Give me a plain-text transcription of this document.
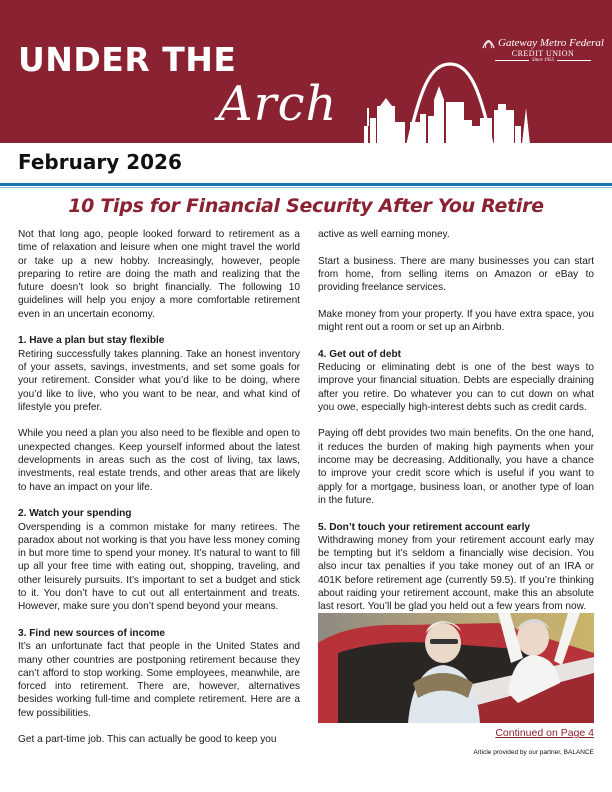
UNDER THE
Arch
Gateway Metro Federal
CREDIT UNION
Since 1955
February 2026
10 Tips for Financial Security After You Retire

Not that long ago, people looked forward to retirement as a time of relaxation and leisure when one might travel the world or take up a new hobby. Increasingly, however, people preparing to retire are doing the math and realizing that the future doesn’t look so bright financially. The following 10 guidelines will help you enjoy a more comfortable retirement even in an uncertain economy.

1. Have a plan but stay flexible

Retiring successfully takes planning. Take an honest inventory of your assets, savings, investments, and set some goals for your retirement. Consider what you’d like to be doing, where you’d like to live, who you want to be near, and what kind of lifestyle you prefer.

While you need a plan you also need to be flexible and open to unexpected changes. Keep yourself informed about the latest developments in areas such as the cost of living, tax laws, investments, real estate trends, and other areas that are likely to have an impact on your life.

2. Watch your spending

Overspending is a common mistake for many retirees. The paradox about not working is that you have less money coming in but more time to spend your money. It’s natural to want to fill up all your free time with eating out, shopping, traveling, and other leisurely pursuits. It’s important to set a budget and stick to it. You don’t have to cut out all entertainment and treats. However, make sure you don’t spend beyond your means.

3. Find new sources of income

It’s an unfortunate fact that people in the United States and many other countries are postponing retirement because they can’t afford to stop working. Some employees, meanwhile, are forced into retirement. There are, however, alternatives besides working full-time and complete retirement. Here are a few possibilities.

Get a part-time job. This can actually be good to keep you

active as well earning money.

Start a business. There are many businesses you can start from home, from selling items on Amazon or eBay to providing freelance services.

Make money from your property. If you have extra space, you might rent out a room or set up an Airbnb.

4. Get out of debt

Reducing or eliminating debt is one of the best ways to improve your financial situation. Debts are especially draining after you retire. Do whatever you can to cut down on what you owe, especially high-interest debts such as credit cards.

Paying off debt provides two main benefits. On the one hand, it reduces the burden of making high payments when your income may be decreasing. Additionally, you have a chance to improve your credit score which is useful if you want to apply for a mortgage, business loan, or another type of loan in the future.

5. Don’t touch your retirement account early

Withdrawing money from your retirement account early may be tempting but it’s seldom a financially wise decision. You also incur tax penalties if you take money out of an IRA or 401K before retirement age (currently 59.5). If you’re thinking about raiding your retirement account, make this an absolute last resort. You’ll be glad you held out a few years from now.

Continued on Page 4
Article provided by our partner, BALANCE
